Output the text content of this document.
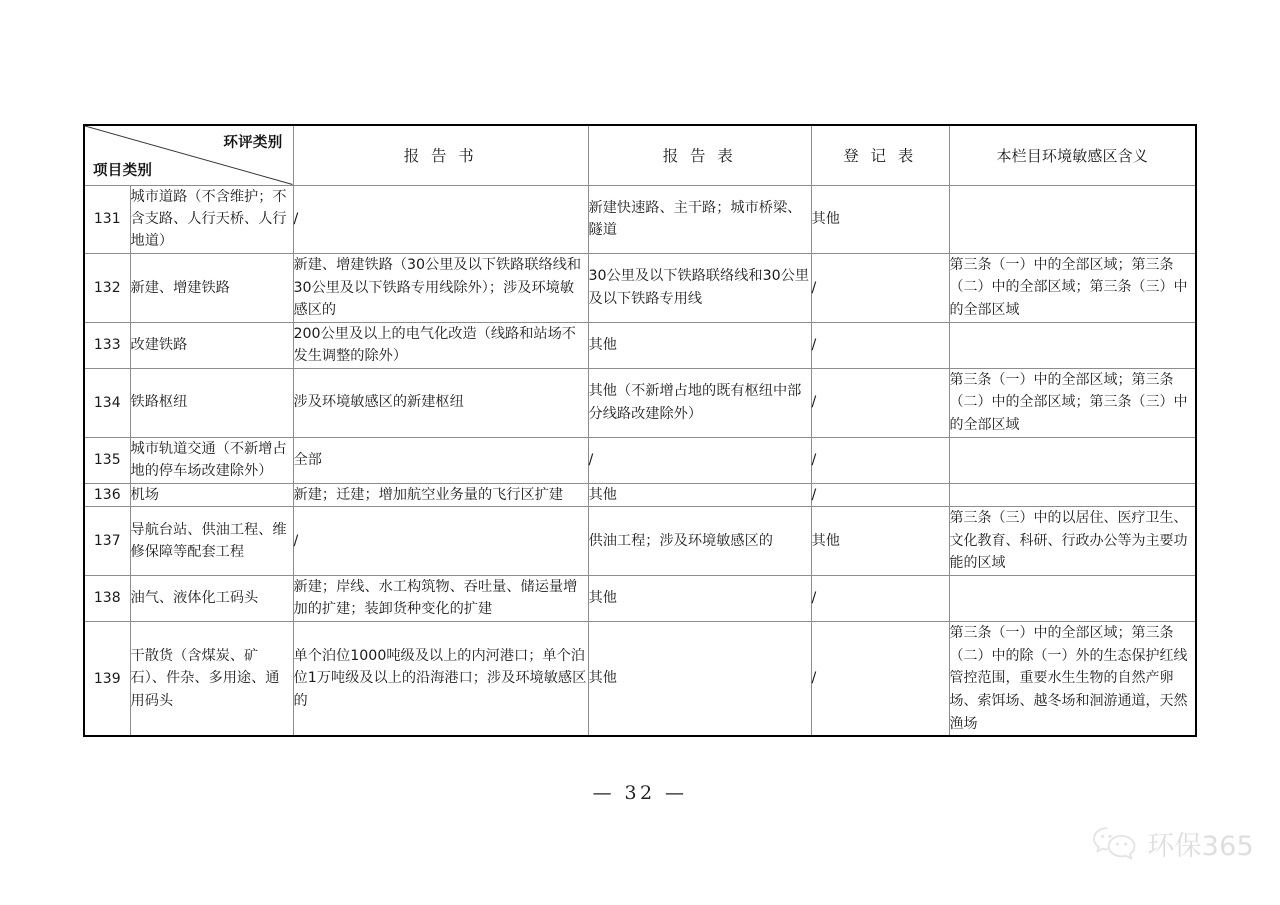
环评类别
项目类别		报 告 书	报 告 表	登 记 表	本栏目环境敏感区含义
131	城市道路（不含维护；不含支路、人行天桥、人行地道）	/	新建快速路、主干路；城市桥梁、隧道	其他	
132	新建、增建铁路	新建、增建铁路（30公里及以下铁路联络线和30公里及以下铁路专用线除外）；涉及环境敏感区的	30公里及以下铁路联络线和30公里及以下铁路专用线	/	第三条（一）中的全部区域；第三条（二）中的全部区域；第三条（三）中的全部区域
133	改建铁路	200公里及以上的电气化改造（线路和站场不发生调整的除外）	其他	/	
134	铁路枢纽	涉及环境敏感区的新建枢纽	其他（不新增占地的既有枢纽中部分线路改建除外）	/	第三条（一）中的全部区域；第三条（二）中的全部区域；第三条（三）中的全部区域
135	城市轨道交通（不新增占地的停车场改建除外）	全部	/	/	
136	机场	新建；迁建；增加航空业务量的飞行区扩建	其他	/	
137	导航台站、供油工程、维修保障等配套工程	/	供油工程；涉及环境敏感区的	其他	第三条（三）中的以居住、医疗卫生、文化教育、科研、行政办公等为主要功能的区域
138	油气、液体化工码头	新建；岸线、水工构筑物、吞吐量、储运量增加的扩建；装卸货种变化的扩建	其他	/	
139	干散货（含煤炭、矿石）、件杂、多用途、通用码头	单个泊位1000吨级及以上的内河港口；单个泊位1万吨级及以上的沿海港口；涉及环境敏感区的	其他	/	第三条（一）中的全部区域；第三条（二）中的除（一）外的生态保护红线管控范围，重要水生生物的自然产卵场、索饵场、越冬场和洄游通道，天然渔场
— 32 —
环保365
